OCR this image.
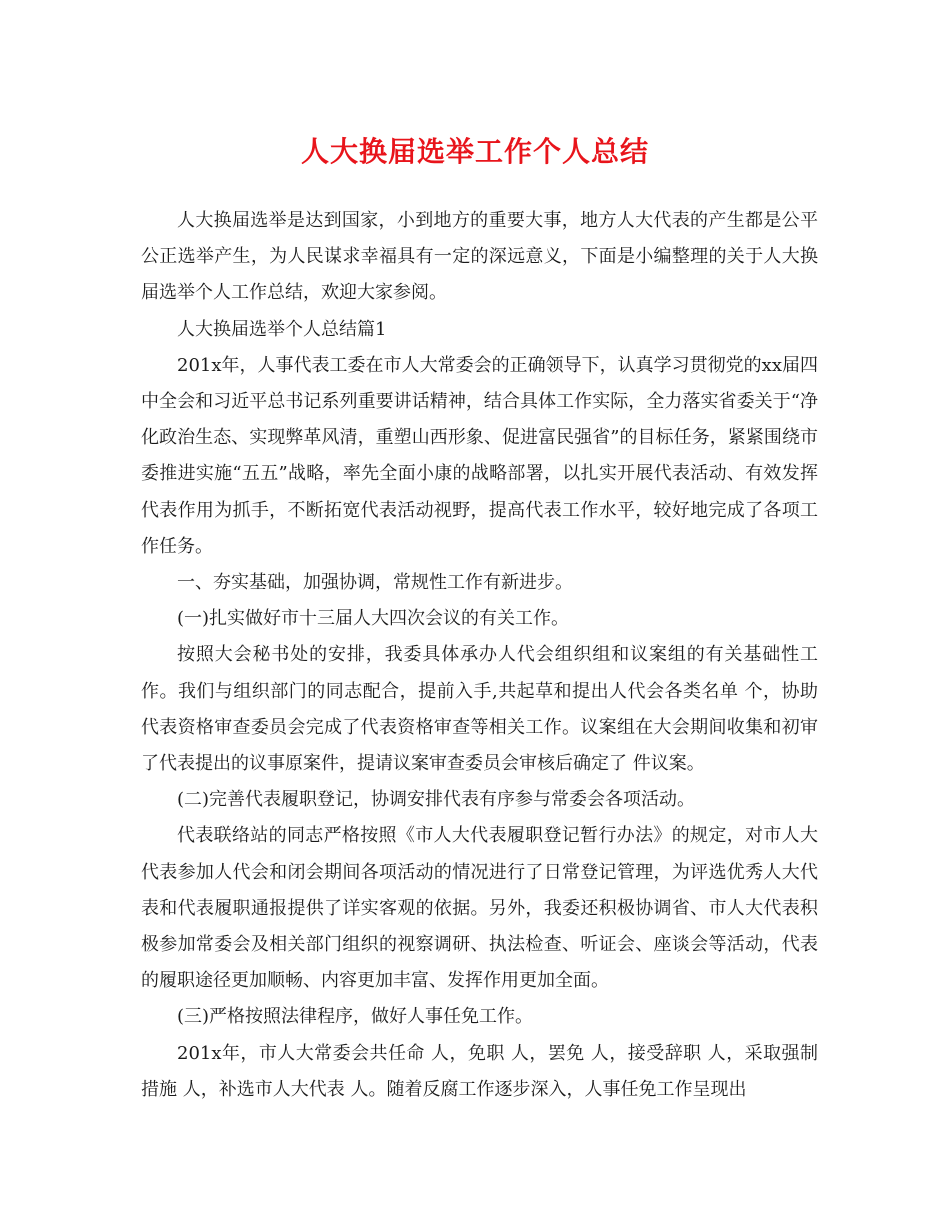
人大换届选举工作个人总结

人大换届选举是达到国家，小到地方的重要大事，地方人大代表的产生都是公平公正选举产生，为人民谋求幸福具有一定的深远意义，下面是小编整理的关于人大换届选举个人工作总结，欢迎大家参阅。

人大换届选举个人总结篇1

201x年，人事代表工委在市人大常委会的正确领导下，认真学习贯彻党的xx届四中全会和习近平总书记系列重要讲话精神，结合具体工作实际，全力落实省委关于“净化政治生态、实现弊革风清，重塑山西形象、促进富民强省”的目标任务，紧紧围绕市委推进实施“五五”战略，率先全面小康的战略部署，以扎实开展代表活动、有效发挥代表作用为抓手，不断拓宽代表活动视野，提高代表工作水平，较好地完成了各项工作任务。

一、夯实基础，加强协调，常规性工作有新进步。

(一)扎实做好市十三届人大四次会议的有关工作。

按照大会秘书处的安排，我委具体承办人代会组织组和议案组的有关基础性工作。我们与组织部门的同志配合，提前入手,共起草和提出人代会各类名单 个，协助代表资格审查委员会完成了代表资格审查等相关工作。议案组在大会期间收集和初审了代表提出的议事原案件，提请议案审查委员会审核后确定了 件议案。

(二)完善代表履职登记，协调安排代表有序参与常委会各项活动。

代表联络站的同志严格按照《市人大代表履职登记暂行办法》的规定，对市人大代表参加人代会和闭会期间各项活动的情况进行了日常登记管理，为评选优秀人大代表和代表履职通报提供了详实客观的依据。另外，我委还积极协调省、市人大代表积极参加常委会及相关部门组织的视察调研、执法检查、听证会、座谈会等活动，代表的履职途径更加顺畅、内容更加丰富、发挥作用更加全面。

(三)严格按照法律程序，做好人事任免工作。

201x年，市人大常委会共任命 人，免职 人，罢免 人，接受辞职 人，采取强制措施 人，补选市人大代表 人。随着反腐工作逐步深入，人事任免工作呈现出
